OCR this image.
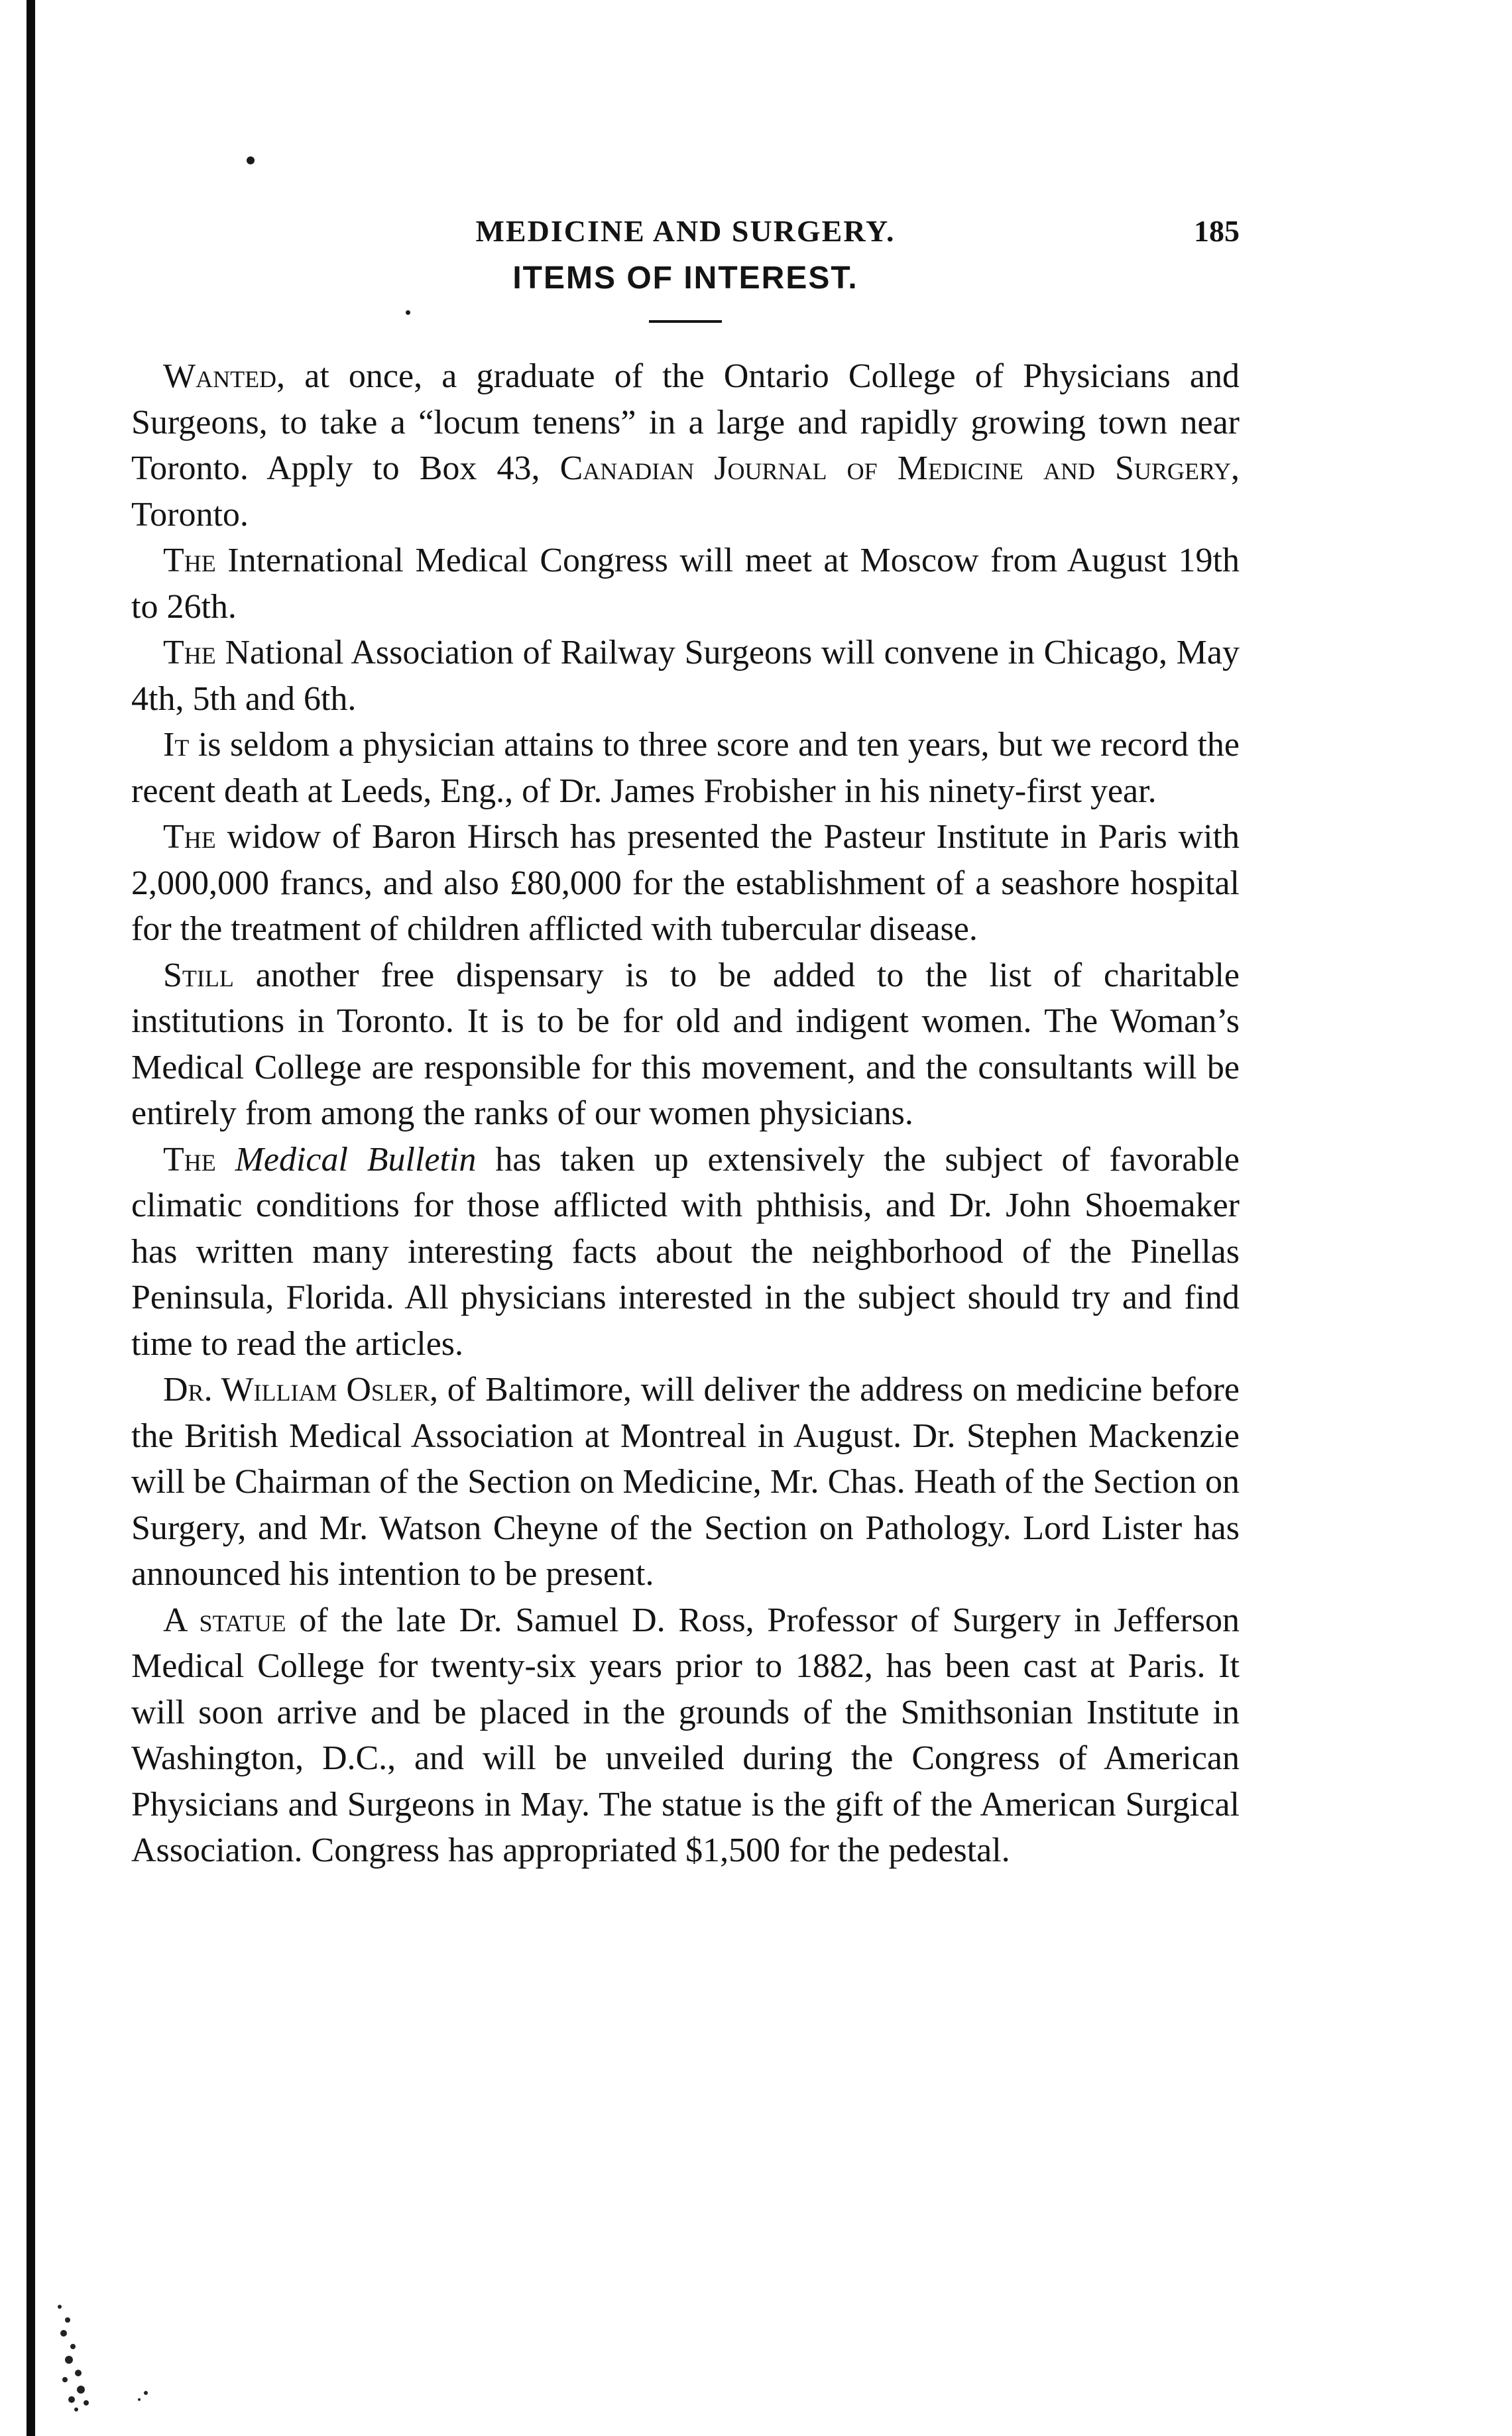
MEDICINE AND SURGERY.	185
ITEMS OF INTEREST.

Wanted, at once, a graduate of the Ontario College of Physicians and Surgeons, to take a “locum tenens” in a large and rapidly growing town near Toronto. Apply to Box 43, Canadian Journal of Medicine and Surgery, Toronto.

The International Medical Congress will meet at Moscow from August 19th to 26th.

The National Association of Railway Surgeons will convene in Chicago, May 4th, 5th and 6th.

It is seldom a physician attains to three score and ten years, but we record the recent death at Leeds, Eng., of Dr. James Frobisher in his ninety-first year.

The widow of Baron Hirsch has presented the Pasteur Institute in Paris with 2,000,000 francs, and also £80,000 for the establishment of a seashore hospital for the treatment of children afflicted with tubercular disease.

Still another free dispensary is to be added to the list of charitable institutions in Toronto. It is to be for old and indigent women. The Woman’s Medical College are responsible for this movement, and the consultants will be entirely from among the ranks of our women physicians.

The Medical Bulletin has taken up extensively the subject of favorable climatic conditions for those afflicted with phthisis, and Dr. John Shoemaker has written many interesting facts about the neighborhood of the Pinellas Peninsula, Florida. All physicians interested in the subject should try and find time to read the articles.

Dr. William Osler, of Baltimore, will deliver the address on medicine before the British Medical Association at Montreal in August. Dr. Stephen Mackenzie will be Chairman of the Section on Medicine, Mr. Chas. Heath of the Section on Surgery, and Mr. Watson Cheyne of the Section on Pathology. Lord Lister has announced his intention to be present.

A statue of the late Dr. Samuel D. Ross, Professor of Surgery in Jefferson Medical College for twenty-six years prior to 1882, has been cast at Paris. It will soon arrive and be placed in the grounds of the Smithsonian Institute in Washington, D.C., and will be unveiled during the Congress of American Physicians and Surgeons in May. The statue is the gift of the American Surgical Association. Congress has appropriated $1,500 for the pedestal.
